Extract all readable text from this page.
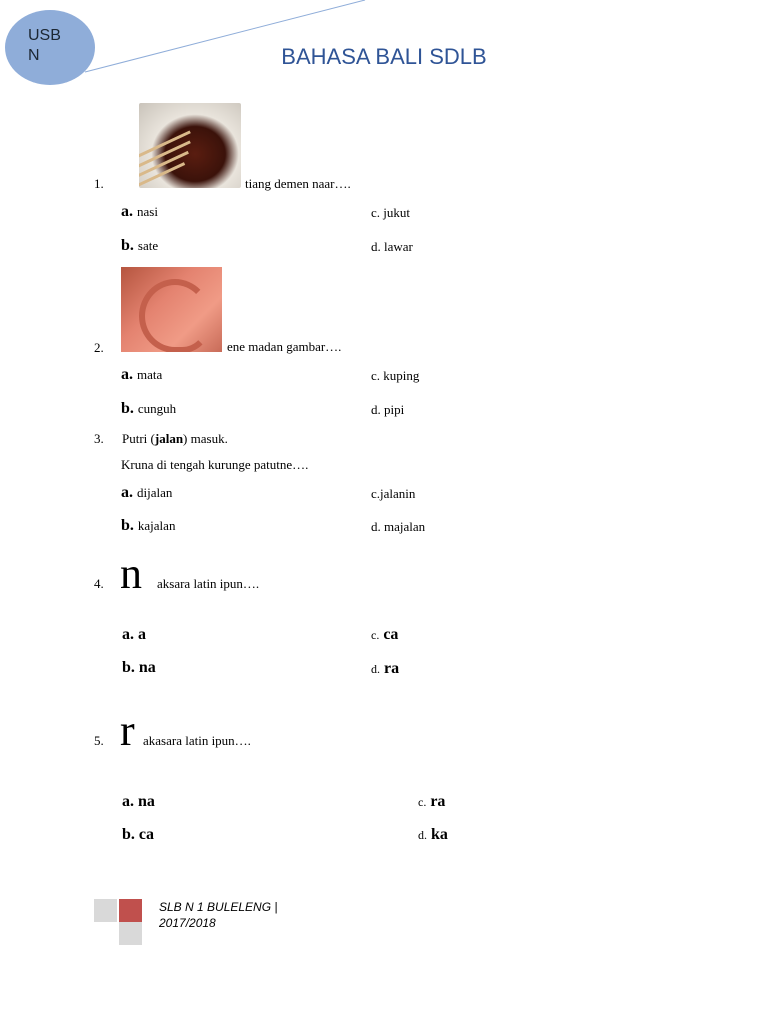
USB N	BAHASA BALI SDLB
1.	tiang demen naar….
a. nasi	c. jukut
b. sate	d. lawar
2.	ene madan gambar….
a. mata	c. kuping
b. cunguh	d. pipi
3. Putri (jalan) masuk.
Kruna di tengah kurunge patutne….
a. dijalan	c.jalanin
b. kajalan	d. majalan
4. n aksara latin ipun….
a. a	c. ca
b. na	d. ra
5. r akasara latin ipun….
a. na	c. ra
b. ca	d. ka
SLB N 1 BULELENG |
2017/2018
